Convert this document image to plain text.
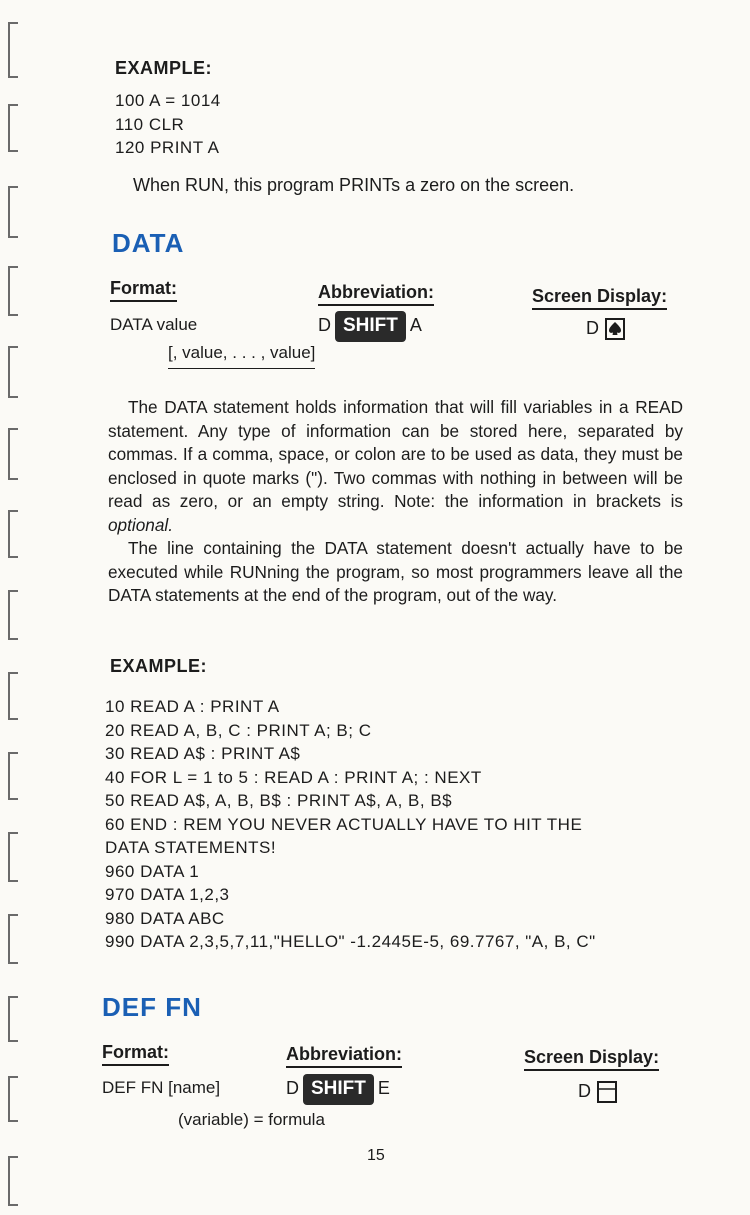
EXAMPLE:
100 A = 1014
110 CLR
120 PRINT A
When RUN, this program PRINTs a zero on the screen.
DATA
Format:	Abbreviation:	Screen Display:
DATA value
[, value, . . . , value]
D SHIFT A	D

The DATA statement holds information that will fill variables in a READ statement. Any type of information can be stored here, separated by commas. If a comma, space, or colon are to be used as data, they must be enclosed in quote marks ("). Two commas with nothing in between will be read as zero, or an empty string. Note: the information in brackets is optional.

The line containing the DATA statement doesn't actually have to be executed while RUNning the program, so most programmers leave all the DATA statements at the end of the program, out of the way.

EXAMPLE:
10 READ A : PRINT A
20 READ A, B, C : PRINT A; B; C
30 READ A$ : PRINT A$
40 FOR L = 1 to 5 : READ A : PRINT A; : NEXT
50 READ A$, A, B, B$ : PRINT A$, A, B, B$
60 END : REM YOU NEVER ACTUALLY HAVE TO HIT THE
DATA STATEMENTS!
960 DATA 1
970 DATA 1,2,3
980 DATA ABC
990 DATA 2,3,5,7,11,"HELLO" -1.2445E-5, 69.7767, "A, B, C"
DEF FN
Format:	Abbreviation:	Screen Display:
DEF FN [name]
(variable) = formula
D SHIFT E	D
15
